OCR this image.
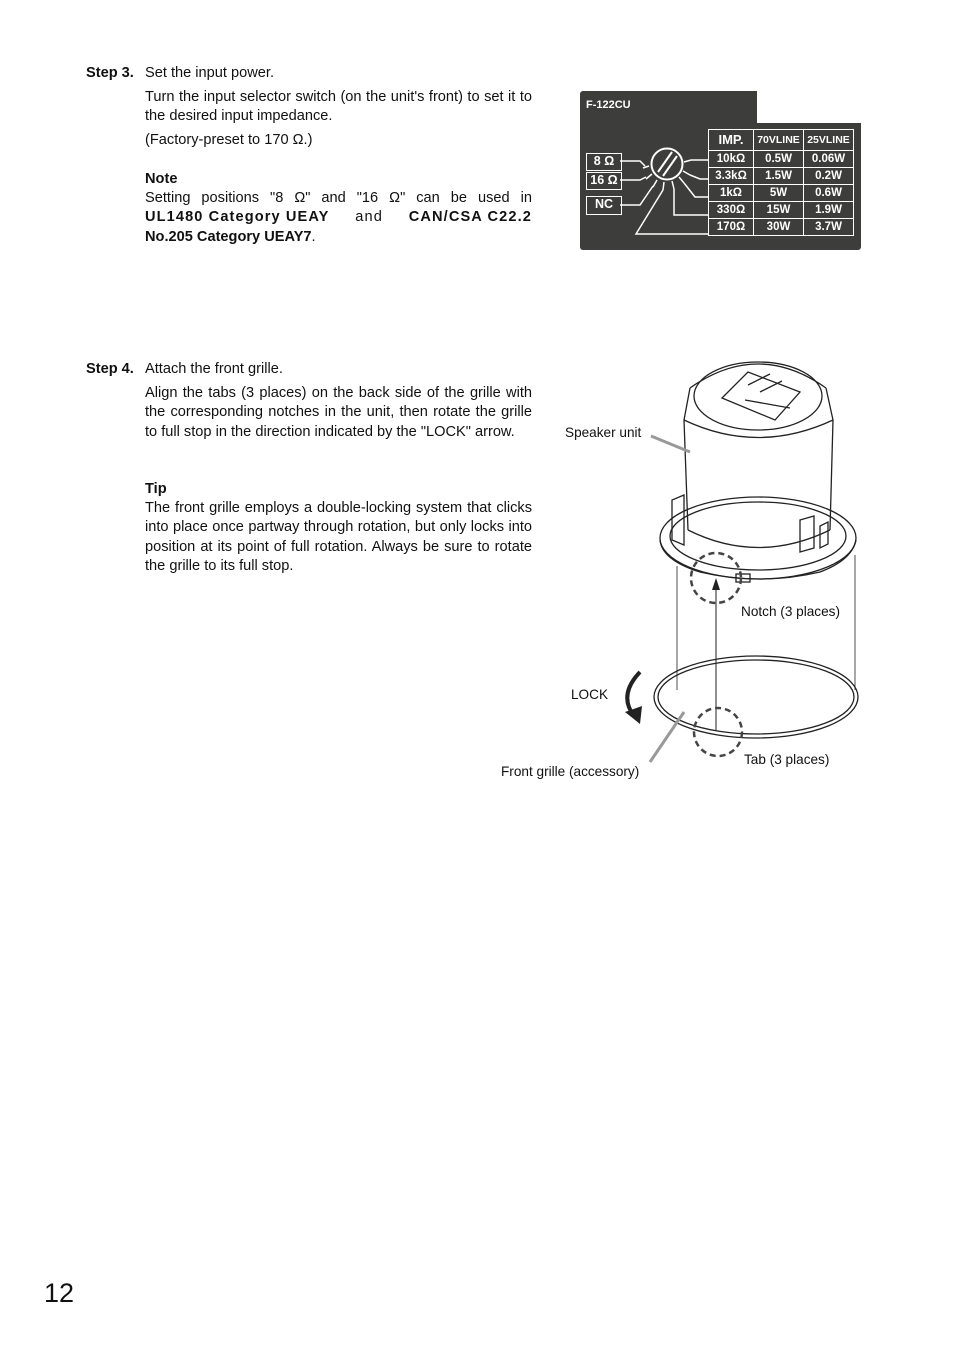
Step 3. Set the input power.
Turn the input selector switch (on the unit's front) to set it to the desired input impedance.
(Factory-preset to 170 Ω.)
Note
Setting positions "8 Ω" and "16 Ω" can be used in
UL1480 Category UEAY and CAN/CSA C22.2
No.205 Category UEAY7.
F-122CU
8 Ω
16 Ω
NC
IMP.	70VLINE	25VLINE
10kΩ	0.5W	0.06W
3.3kΩ	1.5W	0.2W
1kΩ	5W	0.6W
330Ω	15W	1.9W
170Ω	30W	3.7W
Step 4. Attach the front grille.
Align the tabs (3 places) on the back side of the grille with the corresponding notches in the unit, then rotate the grille to full stop in the direction indicated by the "LOCK" arrow.
Tip
The front grille employs a double-locking system that clicks into place once partway through rotation, but only locks into position at its point of full rotation. Always be sure to rotate the grille to its full stop.
Speaker unit
Notch (3 places)
LOCK
Tab (3 places)
Front grille (accessory)
12
